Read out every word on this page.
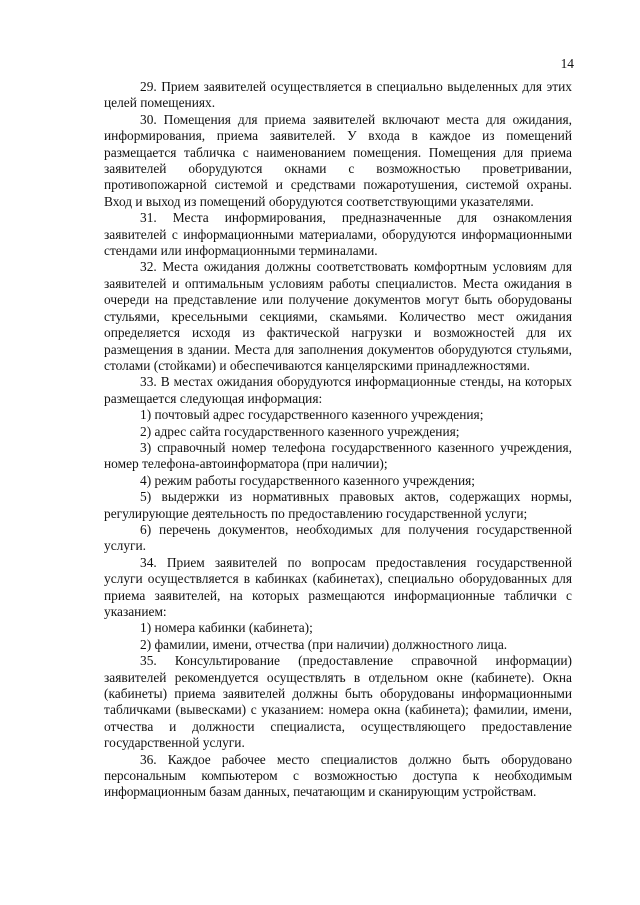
14

29. Прием заявителей осуществляется в специально выделенных для этих целей помещениях.

30. Помещения для приема заявителей включают места для ожидания, информирования, приема заявителей. У входа в каждое из помещений размещается табличка с наименованием помещения. Помещения для приема заявителей оборудуются окнами с возможностью проветривании, противопожарной системой и средствами пожаротушения, системой охраны. Вход и выход из помещений оборудуются соответствующими указателями.

31. Места информирования, предназначенные для ознакомления заявителей с информационными материалами, оборудуются информационными стендами или информационными терминалами.

32. Места ожидания должны соответствовать комфортным условиям для заявителей и оптимальным условиям работы специалистов. Места ожидания в очереди на представление или получение документов могут быть оборудованы стульями, кресельными секциями, скамьями. Количество мест ожидания определяется исходя из фактической нагрузки и возможностей для их размещения в здании. Места для заполнения документов оборудуются стульями, столами (стойками) и обеспечиваются канцелярскими принадлежностями.

33. В местах ожидания оборудуются информационные стенды, на которых размещается следующая информация:

1) почтовый адрес государственного казенного учреждения;

2) адрес сайта государственного казенного учреждения;

3) справочный номер телефона государственного казенного учреждения, номер телефона-автоинформатора (при наличии);

4) режим работы государственного казенного учреждения;

5) выдержки из нормативных правовых актов, содержащих нормы, регулирующие деятельность по предоставлению государственной услуги;

6) перечень документов, необходимых для получения государственной услуги.

34. Прием заявителей по вопросам предоставления государственной услуги осуществляется в кабинках (кабинетах), специально оборудованных для приема заявителей, на которых размещаются информационные таблички с указанием:

1) номера кабинки (кабинета);

2) фамилии, имени, отчества (при наличии) должностного лица.

35. Консультирование (предоставление справочной информации) заявителей рекомендуется осуществлять в отдельном окне (кабинете). Окна (кабинеты) приема заявителей должны быть оборудованы информационными табличками (вывесками) с указанием: номера окна (кабинета); фамилии, имени, отчества и должности специалиста, осуществляющего предоставление государственной услуги.

36. Каждое рабочее место специалистов должно быть оборудовано персональным компьютером с возможностью доступа к необходимым информационным базам данных, печатающим и сканирующим устройствам.
